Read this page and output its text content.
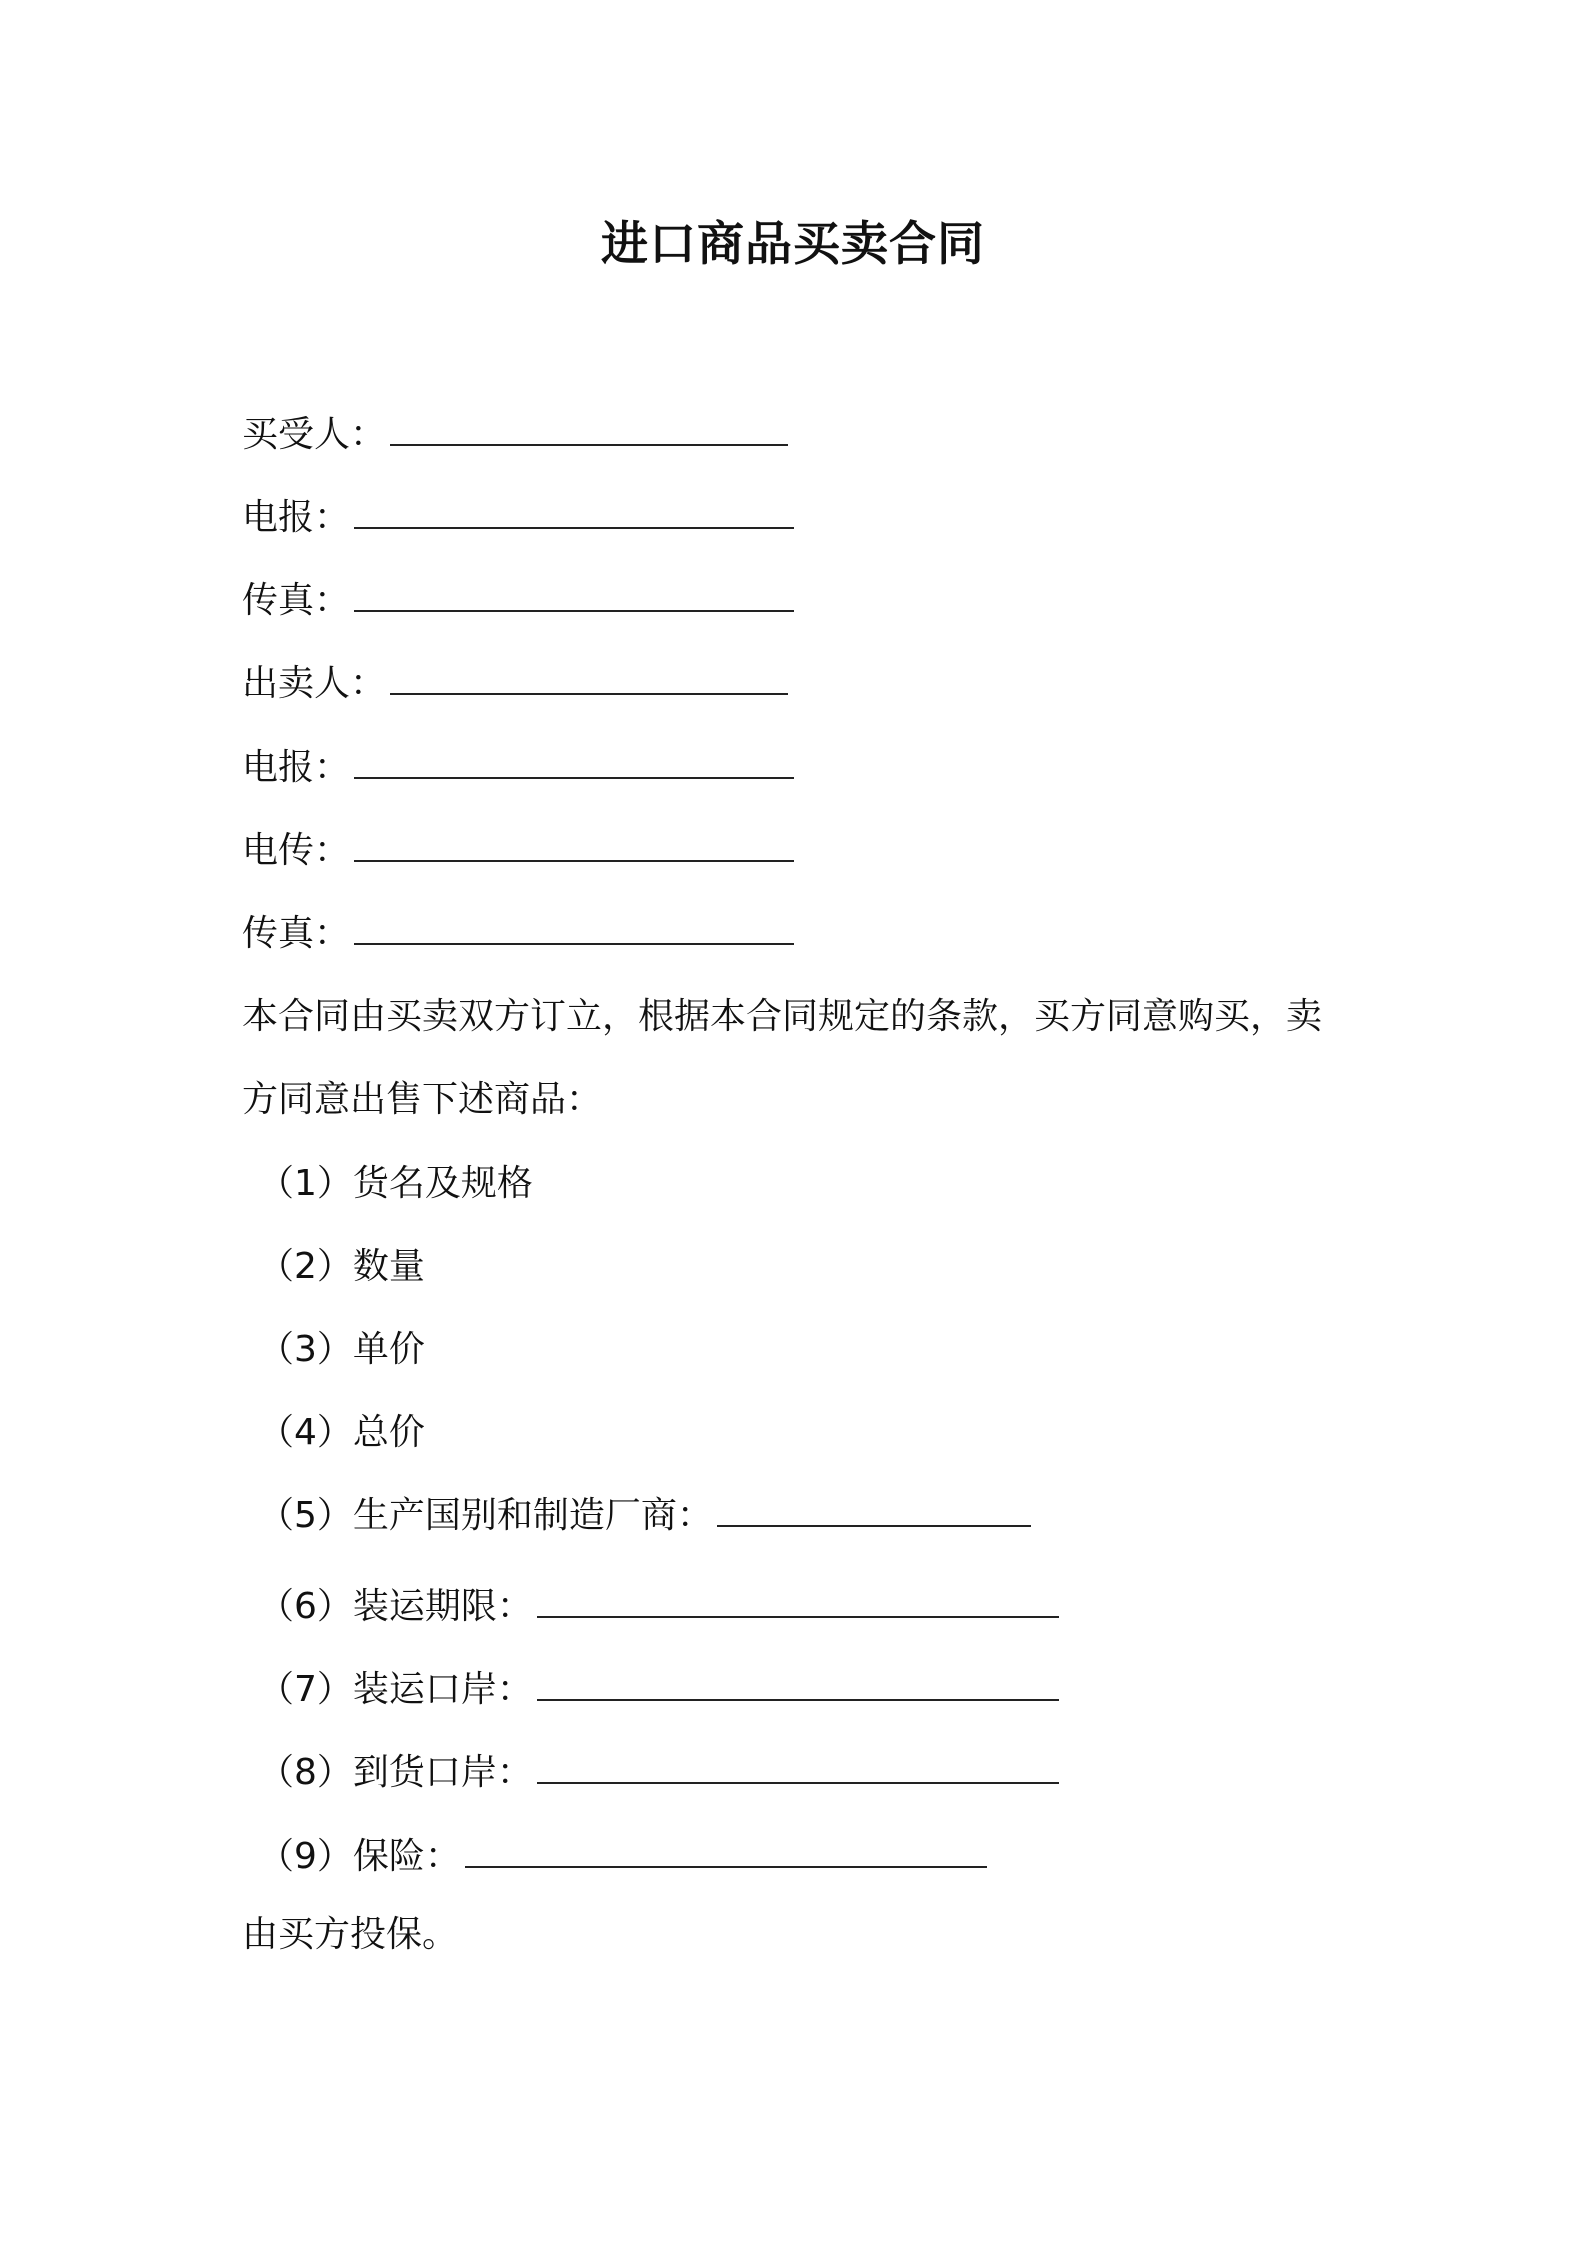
进口商品买卖合同
买受人：
电报：
传真：
出卖人：
电报：
电传：
传真：
本合同由买卖双方订立，根据本合同规定的条款，买方同意购买，卖
方同意出售下述商品：
（1）货名及规格
（2）数量
（3）单价
（4）总价
（5）生产国别和制造厂商：
（6）装运期限：
（7）装运口岸：
（8）到货口岸：
（9）保险：
由买方投保。
